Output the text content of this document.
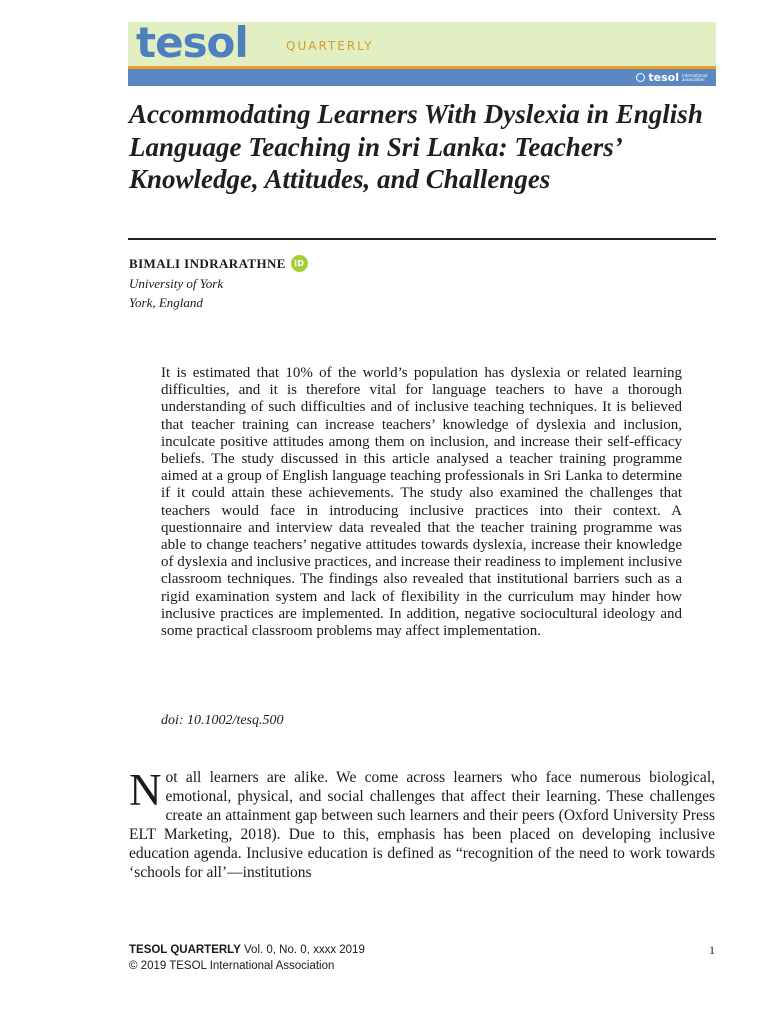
tesol	QUARTERLY
tesol international association
Accommodating Learners With Dyslexia in English Language Teaching in Sri Lanka: Teachers’ Knowledge, Attitudes, and Challenges
BIMALI INDRARATHNE	iD
University of York
York, England

It is estimated that 10% of the world’s population has dyslexia or related learning difficulties, and it is therefore vital for language teachers to have a thorough understanding of such difficulties and of inclusive teaching techniques. It is believed that teacher training can increase teachers’ knowledge of dyslexia and inclusion, inculcate positive attitudes among them on inclusion, and increase their self-efficacy beliefs. The study discussed in this article analysed a teacher training programme aimed at a group of English language teaching professionals in Sri Lanka to determine if it could attain these achievements. The study also examined the challenges that teachers would face in introducing inclusive practices into their context. A questionnaire and interview data revealed that the teacher training programme was able to change teachers’ negative attitudes towards dyslexia, increase their knowledge of dyslexia and inclusive practices, and increase their readiness to implement inclusive classroom techniques. The findings also revealed that institutional barriers such as a rigid examination system and lack of flexibility in the curriculum may hinder how inclusive practices are implemented. In addition, negative sociocultural ideology and some practical classroom problems may affect implementation.

doi: 10.1002/tesq.500

Not all learners are alike. We come across learners who face numerous biological, emotional, physical, and social challenges that affect their learning. These challenges create an attainment gap between such learners and their peers (Oxford University Press ELT Marketing, 2018). Due to this, emphasis has been placed on developing inclusive education agenda. Inclusive education is defined as “recognition of the need to work towards ‘schools for all’—institutions

TESOL QUARTERLY Vol. 0, No. 0, xxxx 2019
© 2019 TESOL International Association
1
